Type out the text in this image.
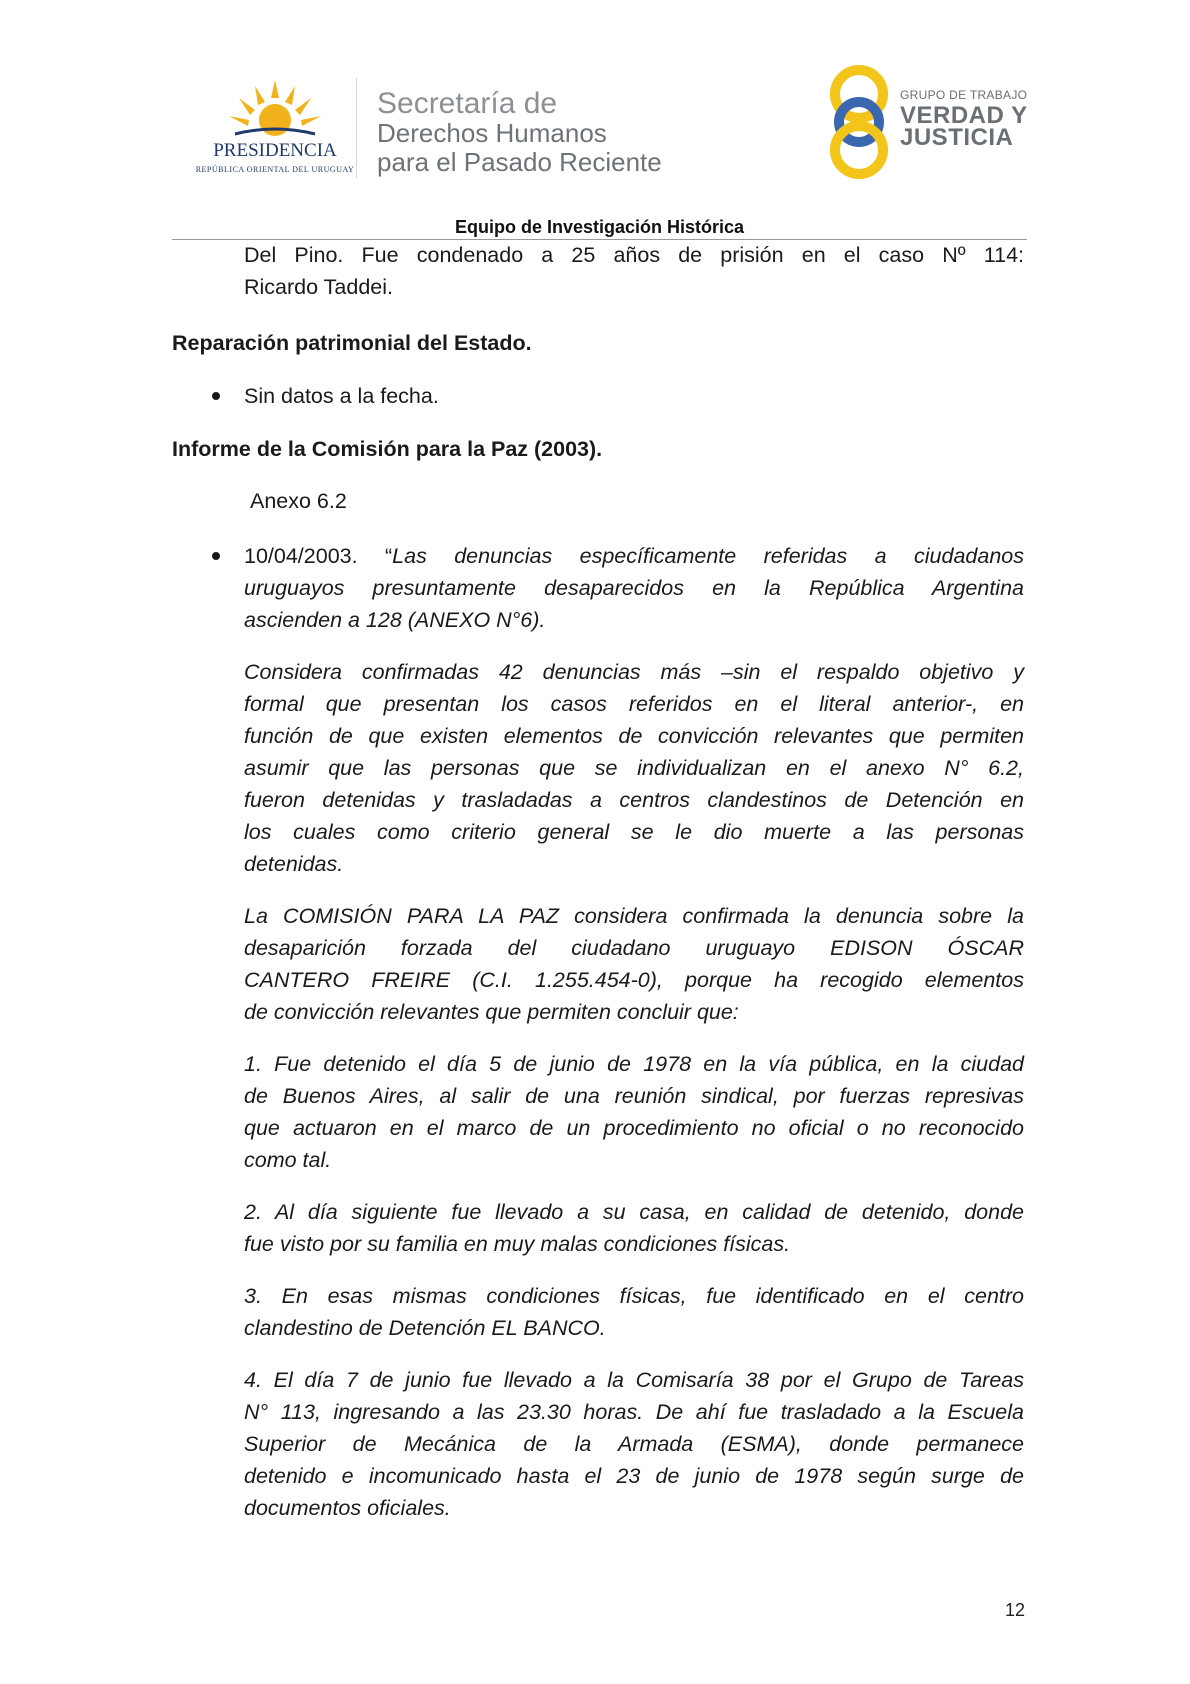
PRESIDENCIA
REPÚBLICA ORIENTAL DEL URUGUAY
Secretaría de
Derechos Humanos
para el Pasado Reciente
GRUPO DE TRABAJO
VERDAD Y
JUSTICIA
Equipo de Investigación Histórica
Del Pino. Fue condenado a 25 años de prisión en el caso Nº 114:
Ricardo Taddei.
Reparación patrimonial del Estado.
Sin datos a la fecha.
Informe de la Comisión para la Paz (2003).
Anexo 6.2
10/04/2003. “Las denuncias específicamente referidas a ciudadanos
uruguayos presuntamente desaparecidos en la República Argentina
ascienden a 128 (ANEXO N°6).
Considera confirmadas 42 denuncias más –sin el respaldo objetivo y
formal que presentan los casos referidos en el literal anterior-, en
función de que existen elementos de convicción relevantes que permiten
asumir que las personas que se individualizan en el anexo N° 6.2,
fueron detenidas y trasladadas a centros clandestinos de Detención en
los cuales como criterio general se le dio muerte a las personas
detenidas.
La COMISIÓN PARA LA PAZ considera confirmada la denuncia sobre la
desaparición forzada del ciudadano uruguayo EDISON ÓSCAR
CANTERO FREIRE (C.I. 1.255.454-0), porque ha recogido elementos
de convicción relevantes que permiten concluir que:
1. Fue detenido el día 5 de junio de 1978 en la vía pública, en la ciudad
de Buenos Aires, al salir de una reunión sindical, por fuerzas represivas
que actuaron en el marco de un procedimiento no oficial o no reconocido
como tal.
2. Al día siguiente fue llevado a su casa, en calidad de detenido, donde
fue visto por su familia en muy malas condiciones físicas.
3. En esas mismas condiciones físicas, fue identificado en el centro
clandestino de Detención EL BANCO.
4. El día 7 de junio fue llevado a la Comisaría 38 por el Grupo de Tareas
N° 113, ingresando a las 23.30 horas. De ahí fue trasladado a la Escuela
Superior de Mecánica de la Armada (ESMA), donde permanece
detenido e incomunicado hasta el 23 de junio de 1978 según surge de
documentos oficiales.
12
